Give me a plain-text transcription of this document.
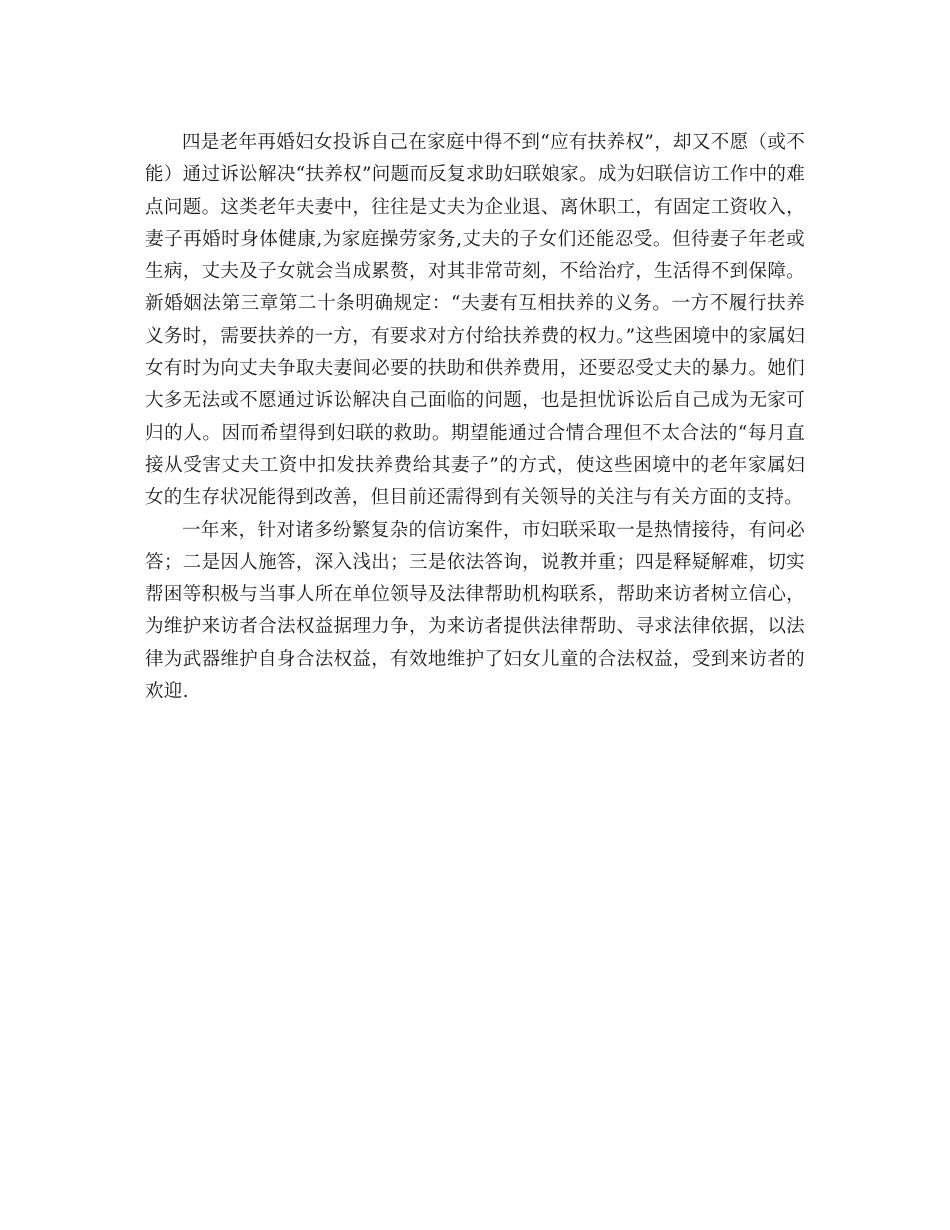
四是老年再婚妇女投诉自己在家庭中得不到“应有扶养权”，却又不愿（或不能）通过诉讼解决“扶养权”问题而反复求助妇联娘家。成为妇联信访工作中的难点问题。这类老年夫妻中，往往是丈夫为企业退、离休职工，有固定工资收入，妻子再婚时身体健康,为家庭操劳家务,丈夫的子女们还能忍受。但待妻子年老或生病，丈夫及子女就会当成累赘，对其非常苛刻，不给治疗，生活得不到保障。新婚姻法第三章第二十条明确规定：“夫妻有互相扶养的义务。一方不履行扶养义务时，需要扶养的一方，有要求对方付给扶养费的权力。”这些困境中的家属妇女有时为向丈夫争取夫妻间必要的扶助和供养费用，还要忍受丈夫的暴力。她们大多无法或不愿通过诉讼解决自己面临的问题，也是担忧诉讼后自己成为无家可归的人。因而希望得到妇联的救助。期望能通过合情合理但不太合法的“每月直接从受害丈夫工资中扣发扶养费给其妻子”的方式，使这些困境中的老年家属妇女的生存状况能得到改善，但目前还需得到有关领导的关注与有关方面的支持。

一年来，针对诸多纷繁复杂的信访案件，市妇联采取一是热情接待，有问必答；二是因人施答，深入浅出；三是依法答询，说教并重；四是释疑解难，切实帮困等积极与当事人所在单位领导及法律帮助机构联系，帮助来访者树立信心，为维护来访者合法权益据理力争，为来访者提供法律帮助、寻求法律依据，以法律为武器维护自身合法权益，有效地维护了妇女儿童的合法权益，受到来访者的欢迎.
